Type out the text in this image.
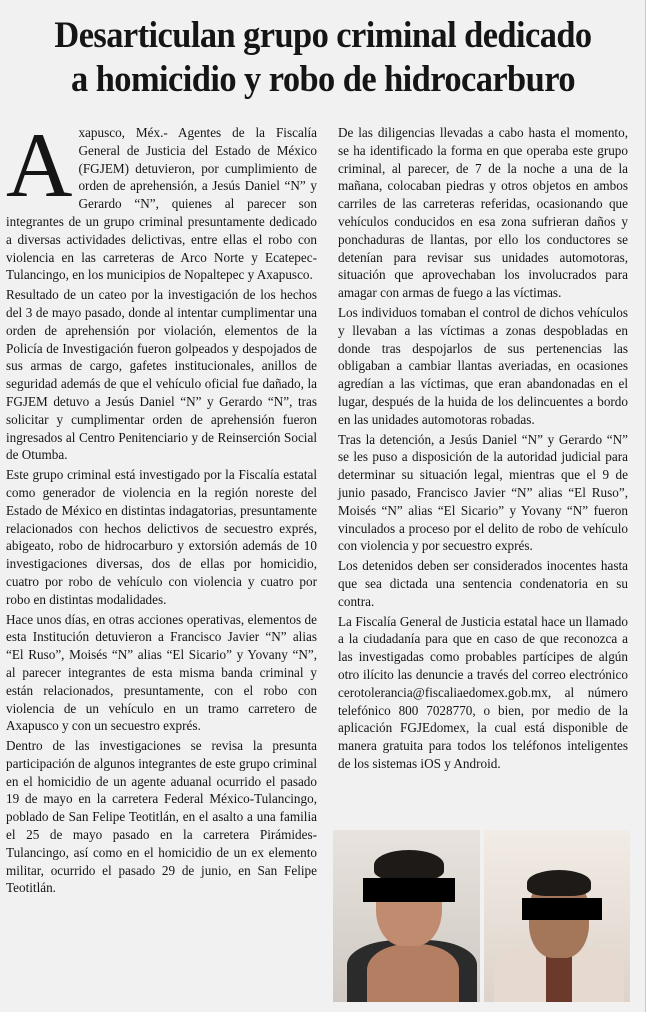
Desarticulan grupo criminal dedicado
a homicidio y robo de hidrocarburo
A xapusco, Méx.- Agentes de la Fiscalía General de Justicia del Estado de México (FGJEM) detuvieron, por cumplimiento de orden de aprehensión, a Jesús Daniel “N” y Gerardo “N”, quienes al parecer son integrantes de un grupo criminal presuntamente dedicado a diversas actividades delictivas, entre ellas el robo con violencia en las carreteras de Arco Norte y Ecatepec-Tulancingo, en los municipios de Nopaltepec y Axapusco.

Resultado de un cateo por la investigación de los hechos del 3 de mayo pasado, donde al intentar cumplimentar una orden de aprehensión por violación, elementos de la Policía de Investigación fueron golpeados y despojados de sus armas de cargo, gafetes institucionales, anillos de seguridad además de que el vehículo oficial fue dañado, la FGJEM detuvo a Jesús Daniel “N” y Gerardo “N”, tras solicitar y cumplimentar orden de aprehensión fueron ingresados al Centro Penitenciario y de Reinserción Social de Otumba.

Este grupo criminal está investigado por la Fiscalía estatal como generador de violencia en la región noreste del Estado de México en distintas indagatorias, presuntamente relacionados con hechos delictivos de secuestro exprés, abigeato, robo de hidrocarburo y extorsión además de 10 investigaciones diversas, dos de ellas por homicidio, cuatro por robo de vehículo con violencia y cuatro por robo en distintas modalidades.

Hace unos días, en otras acciones operativas, elementos de esta Institución detuvieron a Francisco Javier “N” alias “El Ruso”, Moisés “N” alias “El Sicario” y Yovany “N”, al parecer integrantes de esta misma banda criminal y están relacionados, presuntamente, con el robo con violencia de un vehículo en un tramo carretero de Axapusco y con un secuestro exprés.

Dentro de las investigaciones se revisa la presunta participación de algunos integrantes de este grupo criminal en el homicidio de un agente aduanal ocurrido el pasado 19 de mayo en la carretera Federal México-Tulancingo, poblado de San Felipe Teotitlán, en el asalto a una familia el 25 de mayo pasado en la carretera Pirámides-Tulancingo, así como en el homicidio de un ex elemento militar, ocurrido el pasado 29 de junio, en San Felipe Teotitlán.

De las diligencias llevadas a cabo hasta el momento, se ha identificado la forma en que operaba este grupo criminal, al parecer, de 7 de la noche a una de la mañana, colocaban piedras y otros objetos en ambos carriles de las carreteras referidas, ocasionando que vehículos conducidos en esa zona sufrieran daños y ponchaduras de llantas, por ello los conductores se detenían para revisar sus unidades automotoras, situación que aprovechaban los involucrados para amagar con armas de fuego a las víctimas.

Los individuos tomaban el control de dichos vehículos y llevaban a las víctimas a zonas despobladas en donde tras despojarlos de sus pertenencias las obligaban a cambiar llantas averiadas, en ocasiones agredían a las víctimas, que eran abandonadas en el lugar, después de la huida de los delincuentes a bordo en las unidades automotoras robadas.

Tras la detención, a Jesús Daniel “N” y Gerardo “N” se les puso a disposición de la autoridad judicial para determinar su situación legal, mientras que el 9 de junio pasado, Francisco Javier “N” alias “El Ruso”, Moisés “N” alias “El Sicario” y Yovany “N” fueron vinculados a proceso por el delito de robo de vehículo con violencia y por secuestro exprés.

Los detenidos deben ser considerados inocentes hasta que sea dictada una sentencia condenatoria en su contra.

La Fiscalía General de Justicia estatal hace un llamado a la ciudadanía para que en caso de que reconozca a las investigadas como probables partícipes de algún otro ilícito las denuncie a través del correo electrónico cerotolerancia@fiscaliaedomex.gob.mx, al número telefónico 800 7028770, o bien, por medio de la aplicación FGJEdomex, la cual está disponible de manera gratuita para todos los teléfonos inteligentes de los sistemas iOS y Android.
